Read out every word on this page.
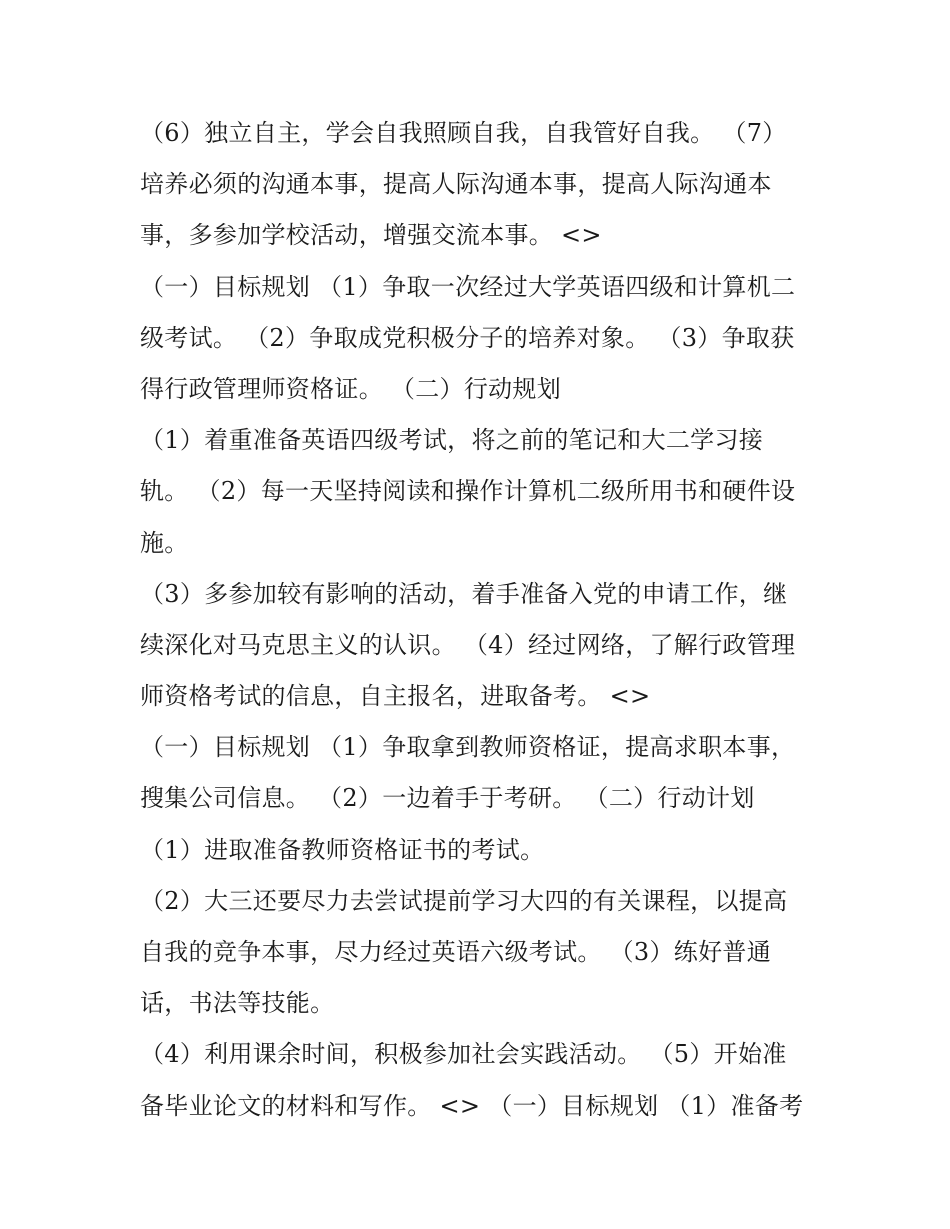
（6）独立自主，学会自我照顾自我，自我管好自我。 （7）
培养必须的沟通本事，提高人际沟通本事，提高人际沟通本
事，多参加学校活动，增强交流本事。 <>
（一）目标规划 （1）争取一次经过大学英语四级和计算机二
级考试。 （2）争取成党积极分子的培养对象。 （3）争取获
得行政管理师资格证。 （二）行动规划
（1）着重准备英语四级考试，将之前的笔记和大二学习接
轨。 （2）每一天坚持阅读和操作计算机二级所用书和硬件设
施。
（3）多参加较有影响的活动，着手准备入党的申请工作，继
续深化对马克思主义的认识。 （4）经过网络，了解行政管理
师资格考试的信息，自主报名，进取备考。 <>
（一）目标规划 （1）争取拿到教师资格证，提高求职本事，
搜集公司信息。 （2）一边着手于考研。 （二）行动计划
（1）进取准备教师资格证书的考试。
（2）大三还要尽力去尝试提前学习大四的有关课程，以提高
自我的竞争本事，尽力经过英语六级考试。 （3）练好普通
话，书法等技能。
（4）利用课余时间，积极参加社会实践活动。 （5）开始准
备毕业论文的材料和写作。 <> （一）目标规划 （1）准备考
